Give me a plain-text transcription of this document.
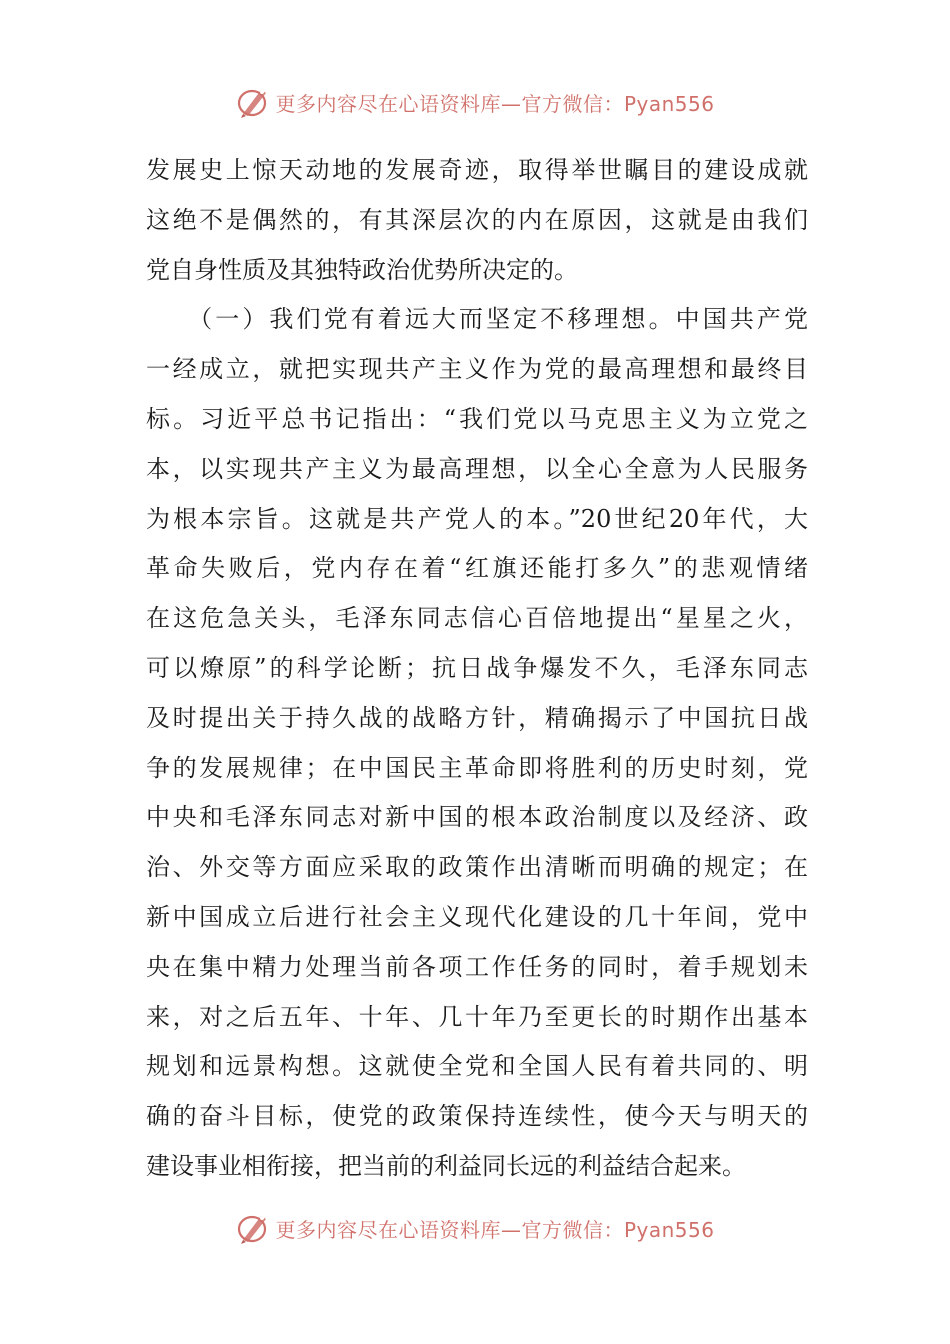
更多内容尽在心语资料库—官方微信：Pyan556
发展史上惊天动地的发展奇迹，取得举世瞩目的建设成就
这绝不是偶然的，有其深层次的内在原因，这就是由我们
党自身性质及其独特政治优势所决定的。
　　（一）我们党有着远大而坚定不移理想。中国共产党
一经成立，就把实现共产主义作为党的最高理想和最终目
标。习近平总书记指出：“我们党以马克思主义为立党之
本，以实现共产主义为最高理想，以全心全意为人民服务
为根本宗旨。这就是共产党人的本。”20世纪20年代，大
革命失败后，党内存在着“红旗还能打多久”的悲观情绪
在这危急关头，毛泽东同志信心百倍地提出“星星之火，
可以燎原”的科学论断；抗日战争爆发不久，毛泽东同志
及时提出关于持久战的战略方针，精确揭示了中国抗日战
争的发展规律；在中国民主革命即将胜利的历史时刻，党
中央和毛泽东同志对新中国的根本政治制度以及经济、政
治、外交等方面应采取的政策作出清晰而明确的规定；在
新中国成立后进行社会主义现代化建设的几十年间，党中
央在集中精力处理当前各项工作任务的同时，着手规划未
来，对之后五年、十年、几十年乃至更长的时期作出基本
规划和远景构想。这就使全党和全国人民有着共同的、明
确的奋斗目标，使党的政策保持连续性，使今天与明天的
建设事业相衔接，把当前的利益同长远的利益结合起来。
更多内容尽在心语资料库—官方微信：Pyan556
